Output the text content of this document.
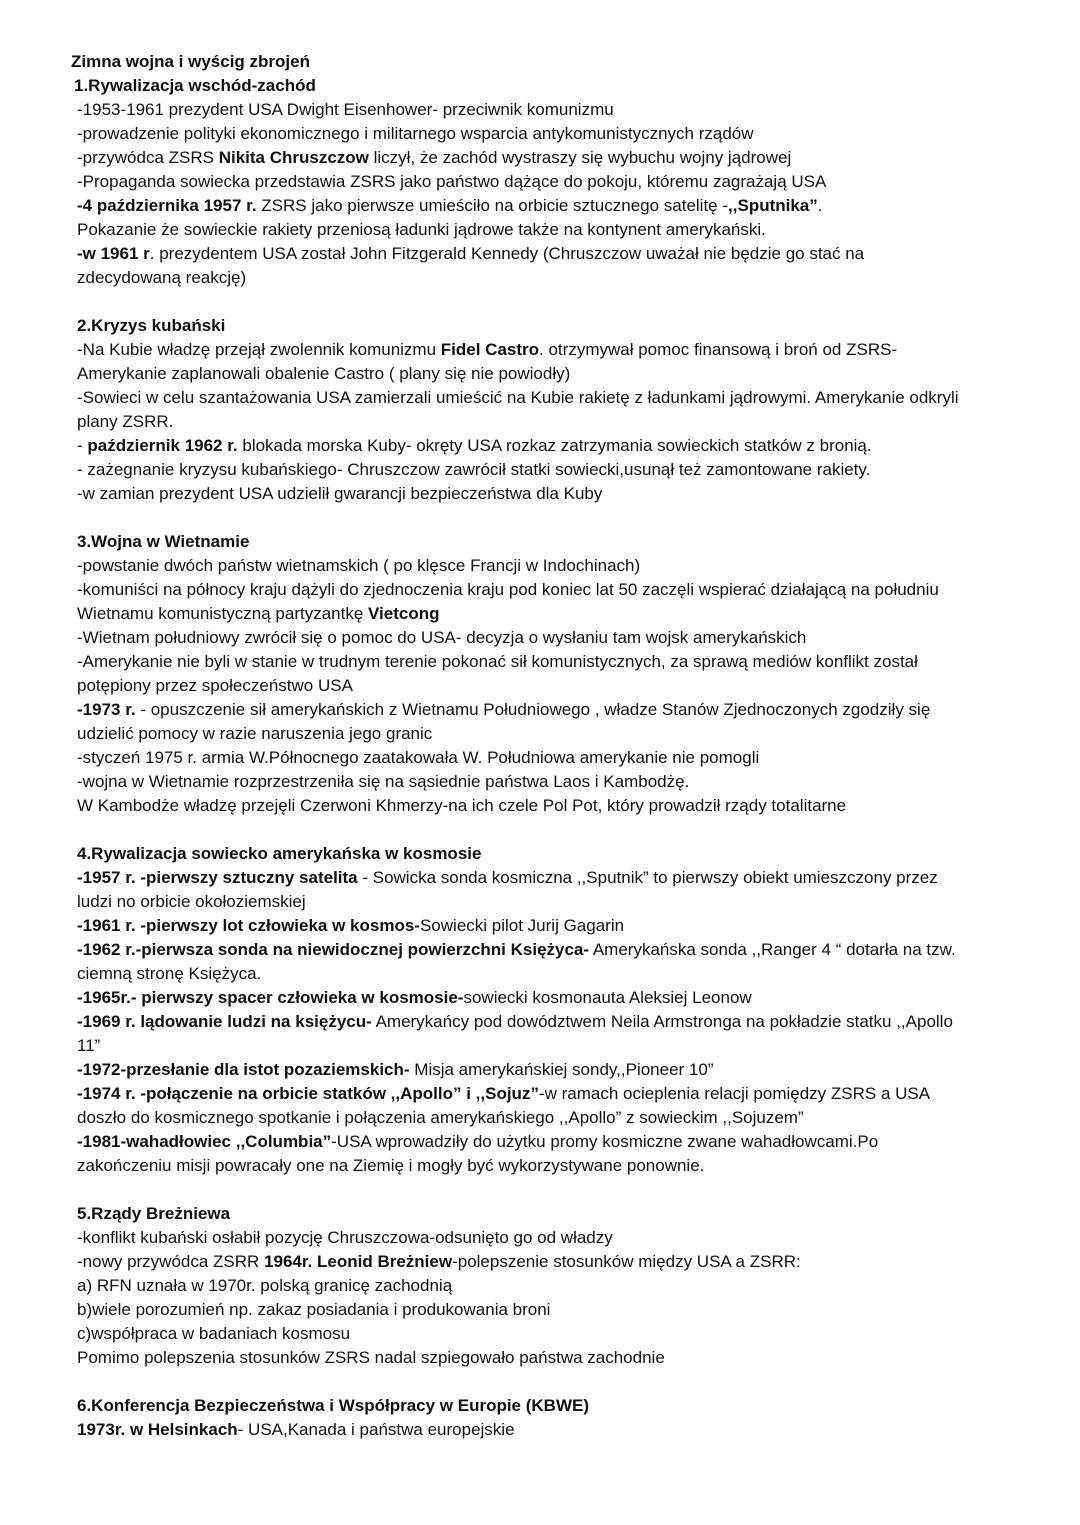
Zimna wojna i wyścig zbrojeń

1.Rywalizacja wschód-zachód

-1953-1961 prezydent USA Dwight Eisenhower- przeciwnik komunizmu

-prowadzenie polityki ekonomicznego i militarnego wsparcia antykomunistycznych rządów

-przywódca ZSRS Nikita Chruszczow liczył, że zachód wystraszy się wybuchu wojny jądrowej

-Propaganda sowiecka przedstawia ZSRS jako państwo dążące do pokoju, któremu zagrażają USA

-4 października 1957 r. ZSRS jako pierwsze umieściło na orbicie sztucznego satelitę -,,Sputnika”.

Pokazanie że sowieckie rakiety przeniosą ładunki jądrowe także na kontynent amerykański.

-w 1961 r. prezydentem USA został John Fitzgerald Kennedy (Chruszczow uważał nie będzie go stać na

zdecydowaną reakcję)

2.Kryzys kubański

-Na Kubie władzę przejął zwolennik komunizmu Fidel Castro. otrzymywał pomoc finansową i broń od ZSRS-

Amerykanie zaplanowali obalenie Castro ( plany się nie powiodły)

-Sowieci w celu szantażowania USA zamierzali umieścić na Kubie rakietę z ładunkami jądrowymi. Amerykanie odkryli

plany ZSRR.

- październik 1962 r. blokada morska Kuby- okręty USA rozkaz zatrzymania sowieckich statków z bronią.

- zażegnanie kryzysu kubańskiego- Chruszczow zawrócił statki sowiecki,usunął też zamontowane rakiety.

-w zamian prezydent USA udzielił gwarancji bezpieczeństwa dla Kuby

3.Wojna w Wietnamie

-powstanie dwóch państw wietnamskich ( po klęsce Francji w Indochinach)

-komuniści na północy kraju dążyli do zjednoczenia kraju pod koniec lat 50 zaczęli wspierać działającą na południu

Wietnamu komunistyczną partyzantkę Vietcong

-Wietnam południowy zwrócił się o pomoc do USA- decyzja o wysłaniu tam wojsk amerykańskich

-Amerykanie nie byli w stanie w trudnym terenie pokonać sił komunistycznych, za sprawą mediów konflikt został

potępiony przez społeczeństwo USA

-1973 r. - opuszczenie sił amerykańskich z Wietnamu Południowego , władze Stanów Zjednoczonych zgodziły się

udzielić pomocy w razie naruszenia jego granic

-styczeń 1975 r. armia W.Północnego zaatakowała W. Południowa amerykanie nie pomogli

-wojna w Wietnamie rozprzestrzeniła się na sąsiednie państwa Laos i Kambodżę.

W Kambodże władzę przejęli Czerwoni Khmerzy-na ich czele Pol Pot, który prowadził rządy totalitarne

4.Rywalizacja sowiecko amerykańska w kosmosie

-1957 r. -pierwszy sztuczny satelita - Sowicka sonda kosmiczna ,,Sputnik” to pierwszy obiekt umieszczony przez

ludzi no orbicie okołoziemskiej

-1961 r. -pierwszy lot człowieka w kosmos-Sowiecki pilot Jurij Gagarin

-1962 r.-pierwsza sonda na niewidocznej powierzchni Księżyca- Amerykańska sonda ,,Ranger 4 “ dotarła na tzw.

ciemną stronę Księżyca.

-1965r.- pierwszy spacer człowieka w kosmosie-sowiecki kosmonauta Aleksiej Leonow

-1969 r. lądowanie ludzi na księżycu- Amerykańcy pod dowództwem Neila Armstronga na pokładzie statku ,,Apollo

11”

-1972-przesłanie dla istot pozaziemskich- Misja amerykańskiej sondy,,Pioneer 10”

-1974 r. -połączenie na orbicie statków ,,Apollo” i ,,Sojuz”-w ramach ocieplenia relacji pomiędzy ZSRS a USA

doszło do kosmicznego spotkanie i połączenia amerykańskiego ,,Apollo” z sowieckim ,,Sojuzem”

-1981-wahadłowiec ,,Columbia”-USA wprowadziły do użytku promy kosmiczne zwane wahadłowcami.Po

zakończeniu misji powracały one na Ziemię i mogły być wykorzystywane ponownie.

5.Rządy Breżniewa

-konflikt kubański osłabił pozycję Chruszczowa-odsunięto go od władzy

-nowy przywódca ZSRR 1964r. Leonid Breżniew-polepszenie stosunków między USA a ZSRR:

a) RFN uznała w 1970r. polską granicę zachodnią

b)wiele porozumień np. zakaz posiadania i produkowania broni

c)współpraca w badaniach kosmosu

Pomimo polepszenia stosunków ZSRS nadal szpiegowało państwa zachodnie

6.Konferencja Bezpieczeństwa i Współpracy w Europie (KBWE)

1973r. w Helsinkach- USA,Kanada i państwa europejskie
